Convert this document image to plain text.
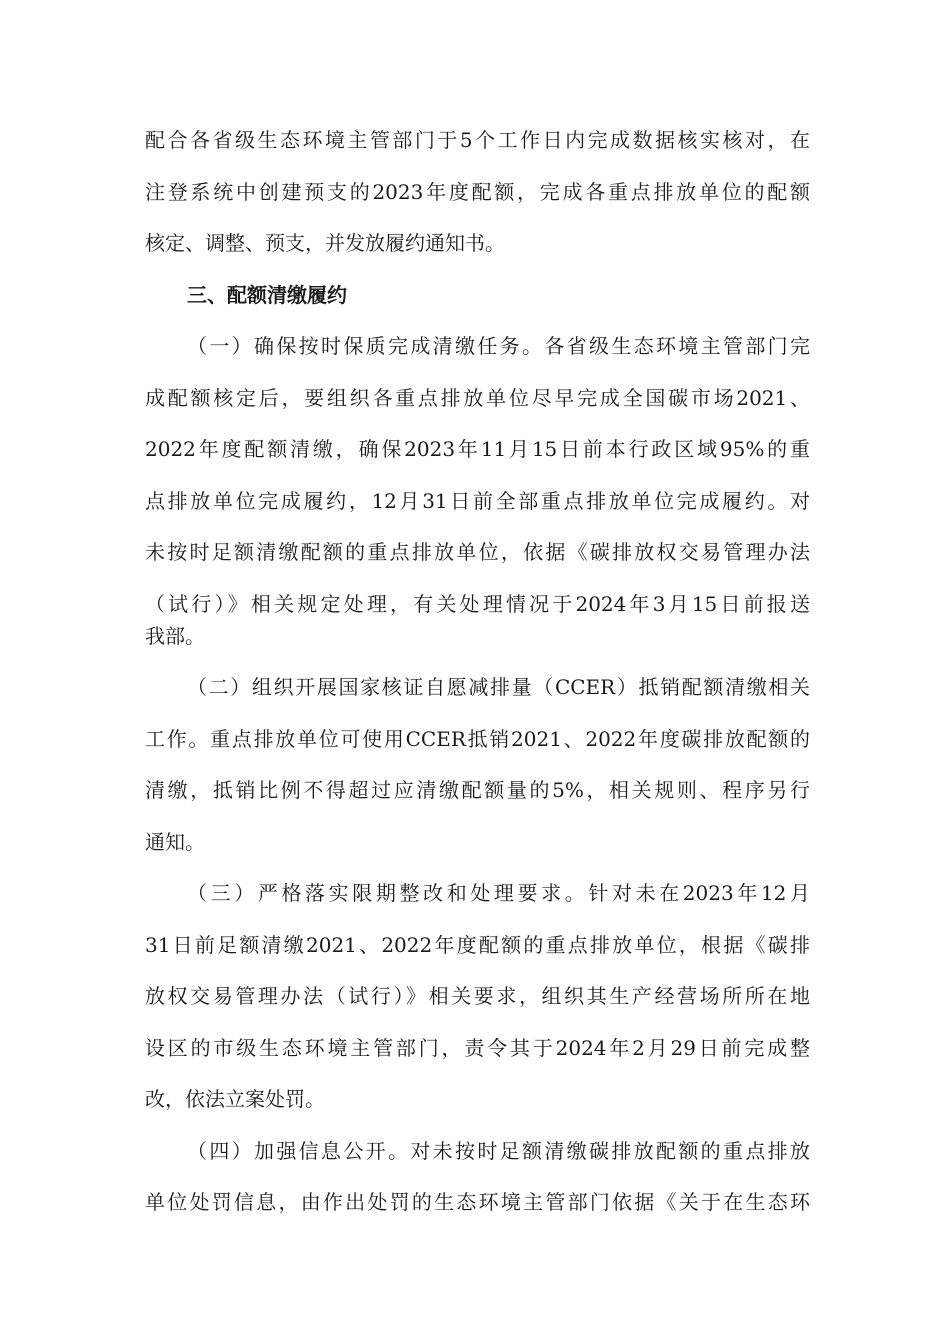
配合各省级生态环境主管部门于5个工作日内完成数据核实核对，在
注登系统中创建预支的2023年度配额，完成各重点排放单位的配额
核定、调整、预支，并发放履约通知书。
三、配额清缴履约
（一）确保按时保质完成清缴任务。各省级生态环境主管部门完
成配额核定后，要组织各重点排放单位尽早完成全国碳市场2021、
2022年度配额清缴，确保2023年11月15日前本行政区域95%的重
点排放单位完成履约，12月31日前全部重点排放单位完成履约。对
未按时足额清缴配额的重点排放单位，依据《碳排放权交易管理办法
（试行）》相关规定处理，有关处理情况于2024年3月15日前报送
我部。
（二）组织开展国家核证自愿减排量（CCER）抵销配额清缴相关
工作。重点排放单位可使用CCER抵销2021、2022年度碳排放配额的
清缴，抵销比例不得超过应清缴配额量的5%，相关规则、程序另行
通知。
（三）严格落实限期整改和处理要求。针对未在2023年12月
31日前足额清缴2021、2022年度配额的重点排放单位，根据《碳排
放权交易管理办法（试行）》相关要求，组织其生产经营场所所在地
设区的市级生态环境主管部门，责令其于2024年2月29日前完成整
改，依法立案处罚。
（四）加强信息公开。对未按时足额清缴碳排放配额的重点排放
单位处罚信息，由作出处罚的生态环境主管部门依据《关于在生态环
